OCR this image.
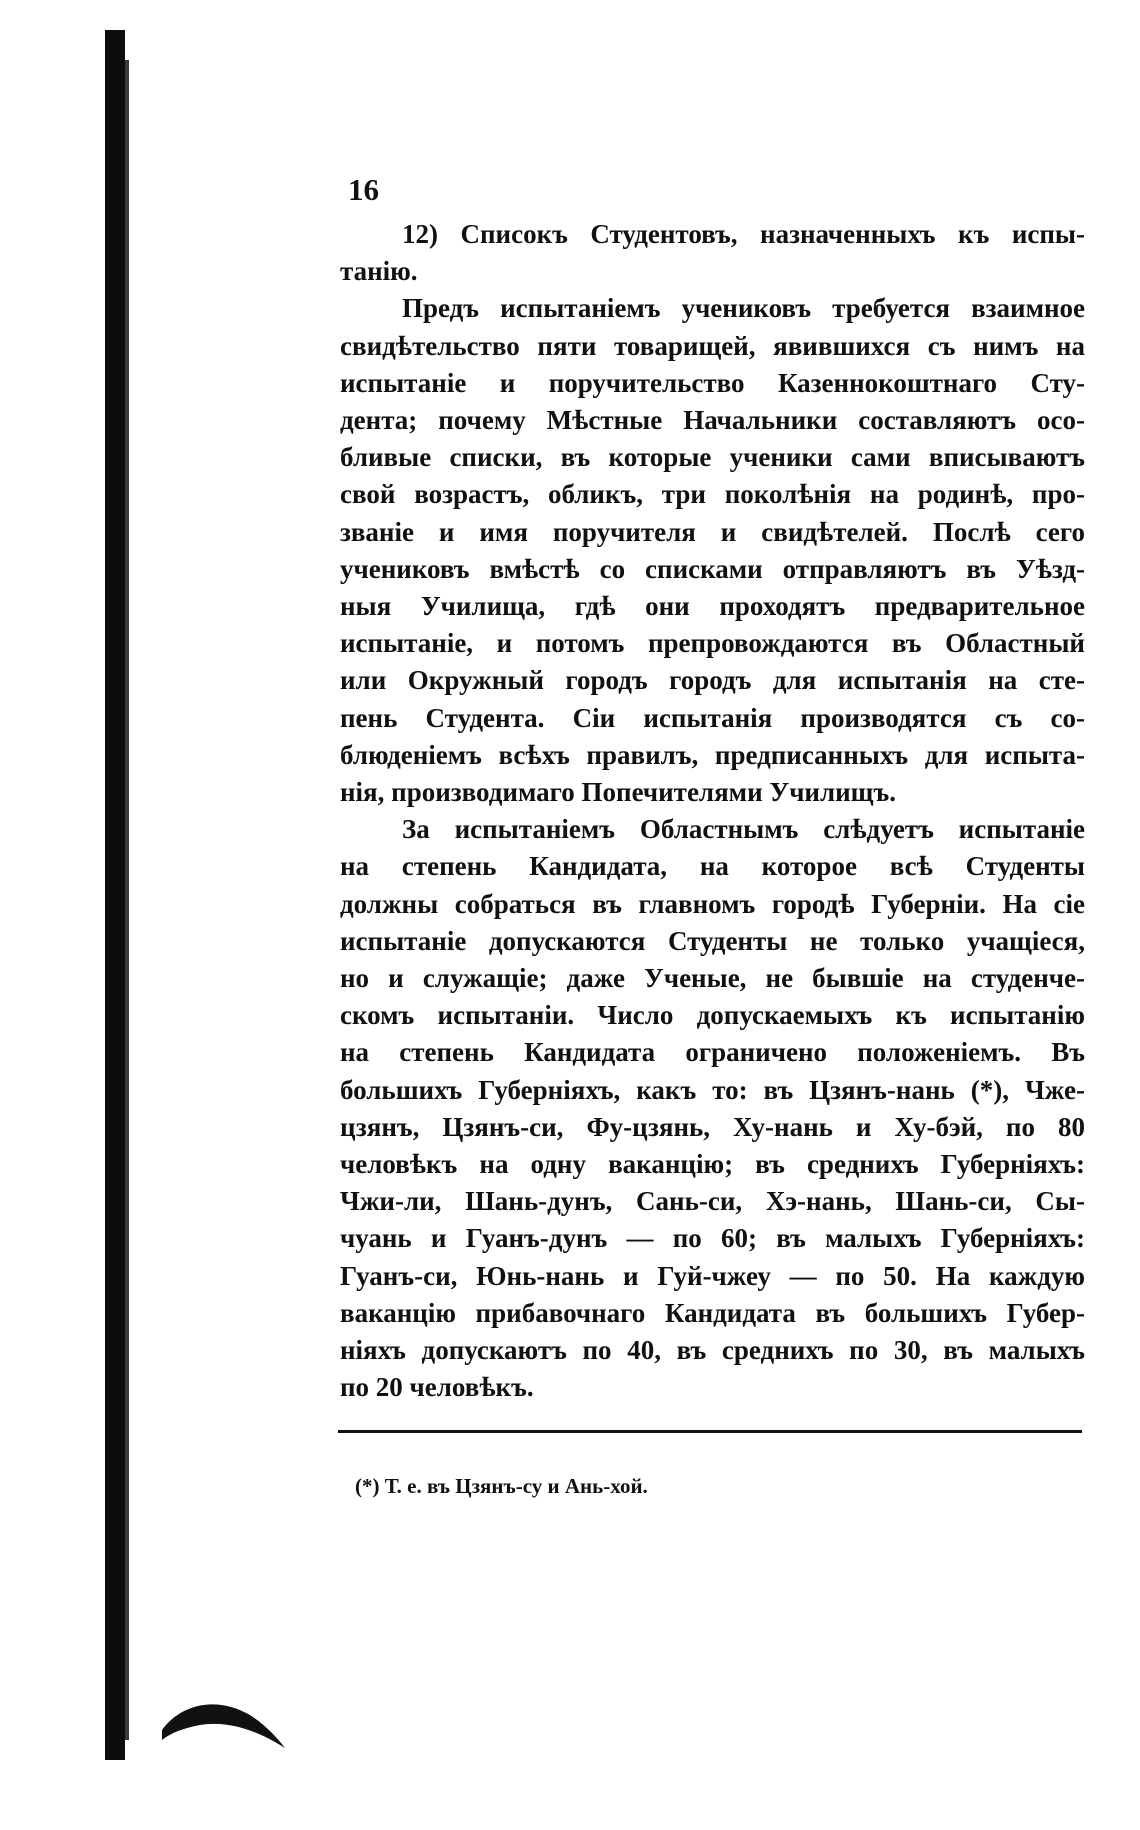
16
12) Списокъ Студентовъ, назначенныхъ къ испы-
танію.
Предъ испытаніемъ учениковъ требуется взаимное
свидѣтельство пяти товарищей, явившихся съ нимъ на
испытаніе и поручительство Казеннокоштнаго Сту-
дента; почему Мѣстные Начальники составляютъ осо-
бливые списки, въ которые ученики сами вписываютъ
свой возрастъ, обликъ, три поколѣнія на родинѣ, про-
званіе и имя поручителя и свидѣтелей. Послѣ сего
учениковъ вмѣстѣ со списками отправляютъ въ Уѣзд-
ныя Училища, гдѣ они проходятъ предварительное
испытаніе, и потомъ препровождаются въ Областный
или Окружный городъ городъ для испытанія на сте-
пень Студента. Сіи испытанія производятся съ со-
блюденіемъ всѣхъ правилъ, предписанныхъ для испыта-
нія, производимаго Попечителями Училищъ.
За испытаніемъ Областнымъ слѣдуетъ испытаніе
на степень Кандидата, на которое всѣ Студенты
должны собраться въ главномъ городѣ Губерніи. На сіе
испытаніе допускаются Студенты не только учащіеся,
но и служащіе; даже Ученые, не бывшіе на студенче-
скомъ испытаніи. Число допускаемыхъ къ испытанію
на степень Кандидата ограничено положеніемъ. Въ
большихъ Губерніяхъ, какъ то: въ Цзянъ-нань (*), Чже-
цзянъ, Цзянъ-си, Фу-цзянь, Ху-нань и Ху-бэй, по 80
человѣкъ на одну ваканцію; въ среднихъ Губерніяхъ:
Чжи-ли, Шань-дунъ, Сань-си, Хэ-нань, Шань-си, Сы-
чуань и Гуанъ-дунъ — по 60; въ малыхъ Губерніяхъ:
Гуанъ-си, Юнь-нань и Гуй-чжеу — по 50. На каждую
ваканцію прибавочнаго Кандидата въ большихъ Губер-
ніяхъ допускаютъ по 40, въ среднихъ по 30, въ малыхъ
по 20 человѣкъ.
(*) Т. е. въ Цзянъ-су и Ань-хой.
